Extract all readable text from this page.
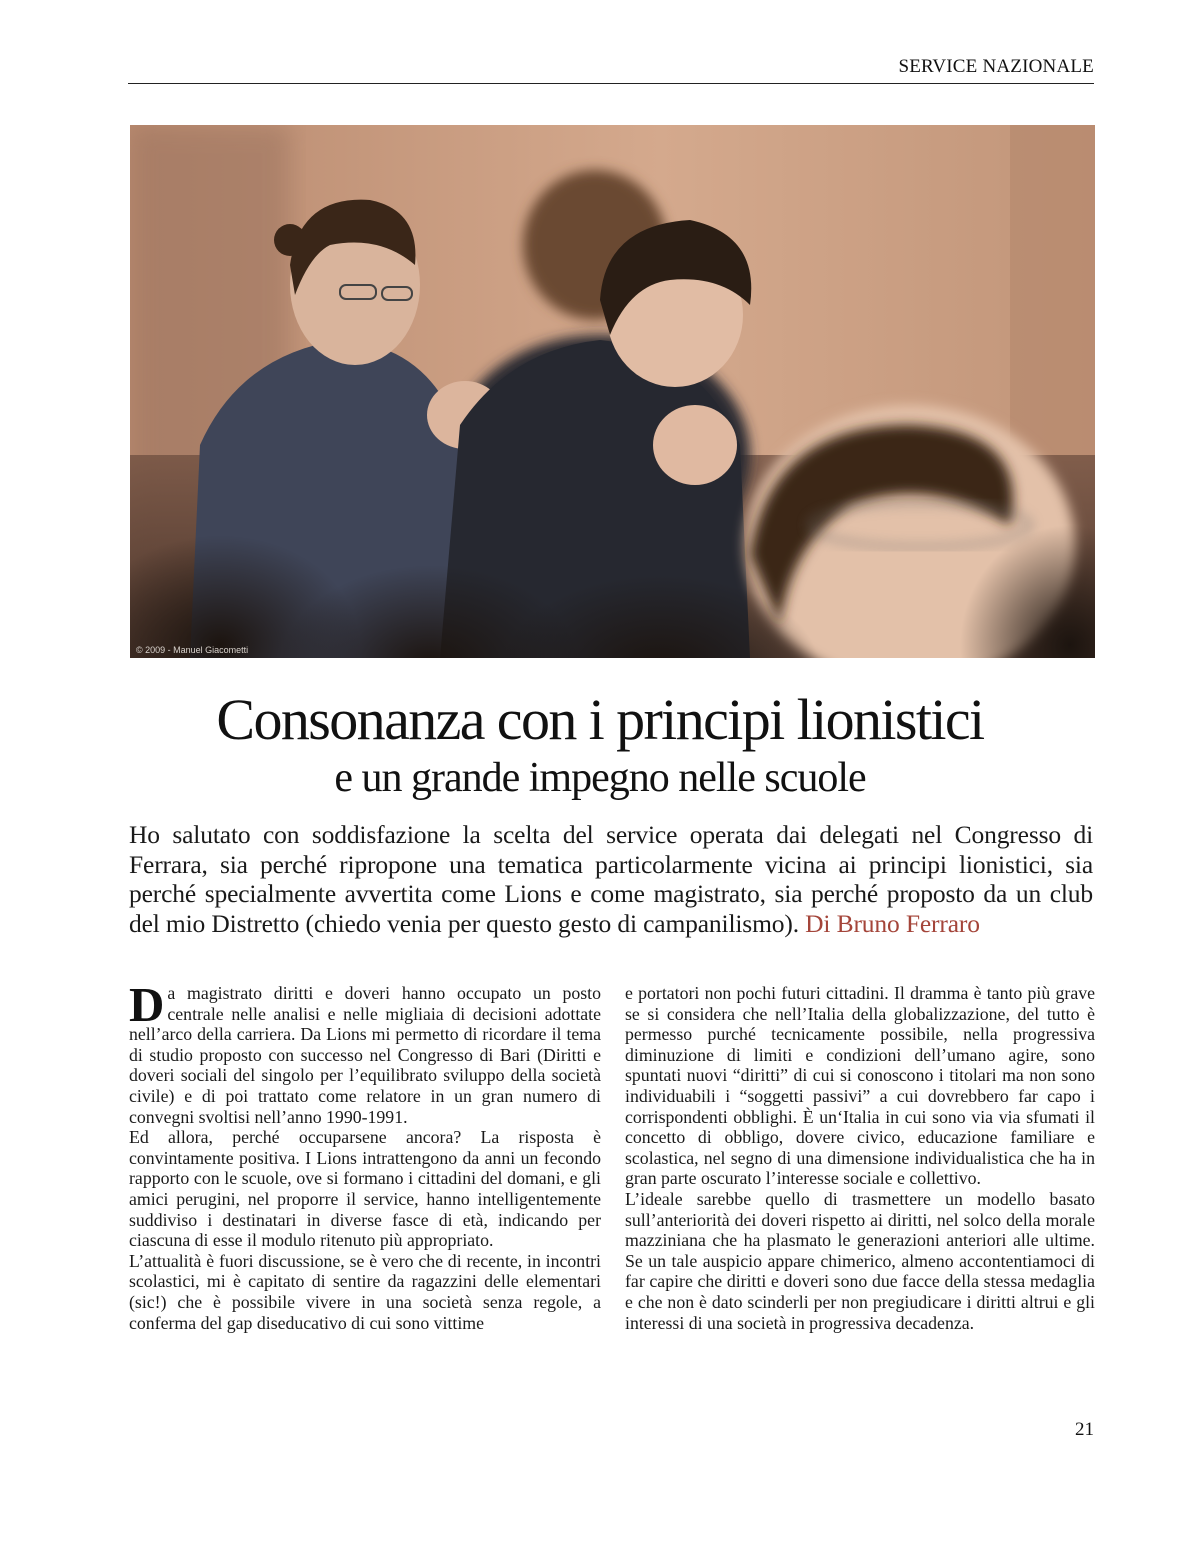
SERVICE NAZIONALE
© 2009 - Manuel Giacometti
Consonanza con i principi lionistici
e un grande impegno nelle scuole

Ho salutato con soddisfazione la scelta del service operata dai delegati nel Congresso di Ferrara, sia perché ripropone una tematica particolarmente vicina ai principi lionistici, sia perché specialmente avvertita come Lions e come magistrato, sia perché proposto da un club del mio Distretto (chiedo venia per questo gesto di campanilismo). Di Bruno Ferraro

Da magistrato diritti e doveri hanno occupato un posto centrale nelle analisi e nelle migliaia di decisioni adottate nell’arco della carriera. Da Lions mi permetto di ricordare il tema di studio proposto con successo nel Congresso di Bari (Diritti e doveri sociali del singolo per l’equilibrato sviluppo della società civile) e di poi trattato come relatore in un gran numero di convegni svoltisi nell’anno 1990-1991.

Ed allora, perché occuparsene ancora? La risposta è convintamente positiva. I Lions intrattengono da anni un fecondo rapporto con le scuole, ove si formano i cittadini del domani, e gli amici perugini, nel proporre il service, hanno intelligentemente suddiviso i destinatari in diverse fasce di età, indicando per ciascuna di esse il modulo ritenuto più appropriato.

L’attualità è fuori discussione, se è vero che di recente, in incontri scolastici, mi è capitato di sentire da ragazzini delle elementari (sic!) che è possibile vivere in una società senza regole, a conferma del gap diseducativo di cui sono vittime

e portatori non pochi futuri cittadini. Il dramma è tanto più grave se si considera che nell’Italia della globalizzazione, del tutto è permesso purché tecnicamente possibile, nella progressiva diminuzione di limiti e condizioni dell’umano agire, sono spuntati nuovi “diritti” di cui si conoscono i titolari ma non sono individuabili i “soggetti passivi” a cui dovrebbero far capo i corrispondenti obblighi. È un‘Italia in cui sono via via sfumati il concetto di obbligo, dovere civico, educazione familiare e scolastica, nel segno di una dimensione individualistica che ha in gran parte oscurato l’interesse sociale e collettivo.

L’ideale sarebbe quello di trasmettere un modello basato sull’anteriorità dei doveri rispetto ai diritti, nel solco della morale mazziniana che ha plasmato le generazioni anteriori alle ultime. Se un tale auspicio appare chimerico, almeno accontentiamoci di far capire che diritti e doveri sono due facce della stessa medaglia e che non è dato scinderli per non pregiudicare i diritti altrui e gli interessi di una società in progressiva decadenza.

21
